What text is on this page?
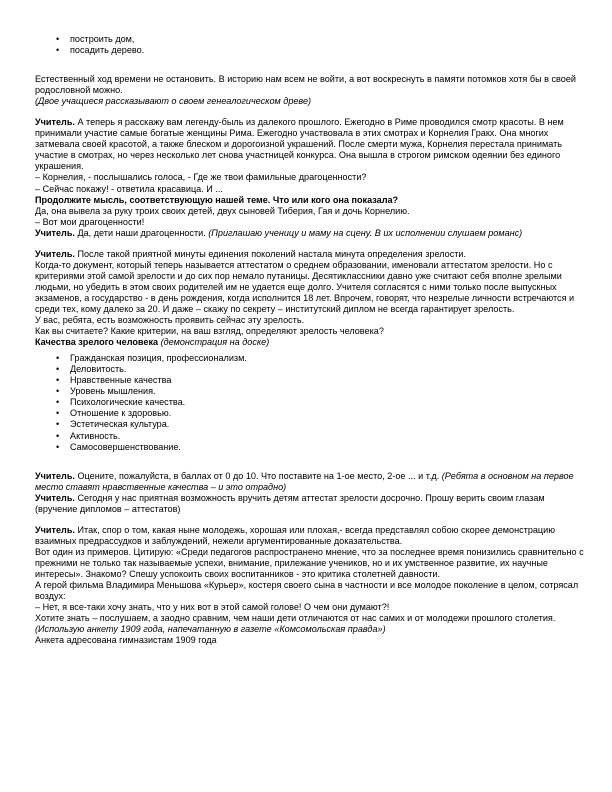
• построить дом,
• посадить дерево.

Естественный ход времени не остановить. В историю нам всем не войти, а вот воскреснуть в памяти потомков хотя бы в своей родословной можно.
(Двое учащиеся рассказывают о своем генеалогическом древе)

Учитель. А теперь я расскажу вам легенду-быль из далекого прошлого. Ежегодно в Риме проводился смотр красоты. В нем принимали участие самые богатые женщины Рима. Ежегодно участвовала в этих смотрах и Корнелия Гракх. Она многих затмевала своей красотой, а также блеском и дорогоизной украшений. После смерти мужа, Корнелия перестала принимать участие в смотрах, но через несколько лет снова участницей конкурса. Она вышла в строгом римском одеянии без единого украшения.
– Корнелия, - послышались голоса, - Где же твои фамильные драгоценности?
– Сейчас покажу! - ответила красавица. И ...
Продолжите мысль, соответствующую нашей теме. Что или кого она показала?
Да, она вывела за руку троих своих детей, двух сыновей Тиберия, Гая и дочь Корнелию.
– Вот мои драгоценности!

Учитель. Да, дети наши драгоценности. (Приглашаю ученицу и маму на сцену. В их исполнении слушаем романс)

Учитель. После такой приятной минуты единения поколений настала минута определения зрелости.
Когда-то документ, который теперь называется аттестатом о среднем образовании, именовали аттестатом зрелости. Но с критериями этой самой зрелости и до сих пор немало путаницы. Десятиклассники давно уже считают себя вполне зрелыми людьми, но убедить в этом своих родителей им не удается еще долго. Учителя согласятся с ними только после выпускных экзаменов, а государство - в день рождения, когда исполнится 18 лет. Впрочем, говорят, что незрелые личности встречаются и среди тех, кому далеко за 20. И даже – скажу по секрету – институтский диплом не всегда гарантирует зрелость.
У вас, ребята, есть возможность проявить сейчас эту зрелость.
Как вы считаете? Какие критерии, на ваш взгляд, определяют зрелость человека?
Качества зрелого человека (демонстрация на доске)

• Гражданская позиция, профессионализм.
• Деловитость.
• Нравственные качества
• Уровень мышления.
• Психологические качества.
• Отношение к здоровью.
• Эстетическая культура.
• Активность.
• Самосовершенствование.

Учитель. Оцените, пожалуйста, в баллах от 0 до 10. Что поставите на 1-ое место, 2-ое ... и т.д. (Ребята в основном на первое место ставят нравственные качества – и это отрадно)

Учитель. Сегодня у нас приятная возможность вручить детям аттестат зрелости досрочно. Прошу верить своим глазам (вручение дипломов – аттестатов)

Учитель. Итак, спор о том, какая ныне молодежь, хорошая или плохая,- всегда представлял собою скорее демонстрацию взаимных предрассудков и заблуждений, нежели аргументированные доказательства.
Вот один из примеров. Цитирую: «Среди педагогов распространено мнение, что за последнее время понизились сравнительно с прежними не только так называемые успехи, внимание, прилежание учеников, но и их умственное развитие, их научные интересы». Знакомо? Спешу успокоить своих воспитанников - это критика столетней давности.
А герой фильма Владимира Меньшова «Курьер», костеря своего сына в частности и все молодое поколение в целом, сотрясал воздух:
– Нет, я все-таки хочу знать, что у них вот в этой самой голове! О чем они думают?!
Хотите знать – послушаем, а заодно сравним, чем наши дети отличаются от нас самих и от молодежи прошлого столетия.
(Использую анкету 1909 года, напечатанную в газете «Комсомольская правда»)
Анкета адресована гимназистам 1909 года
